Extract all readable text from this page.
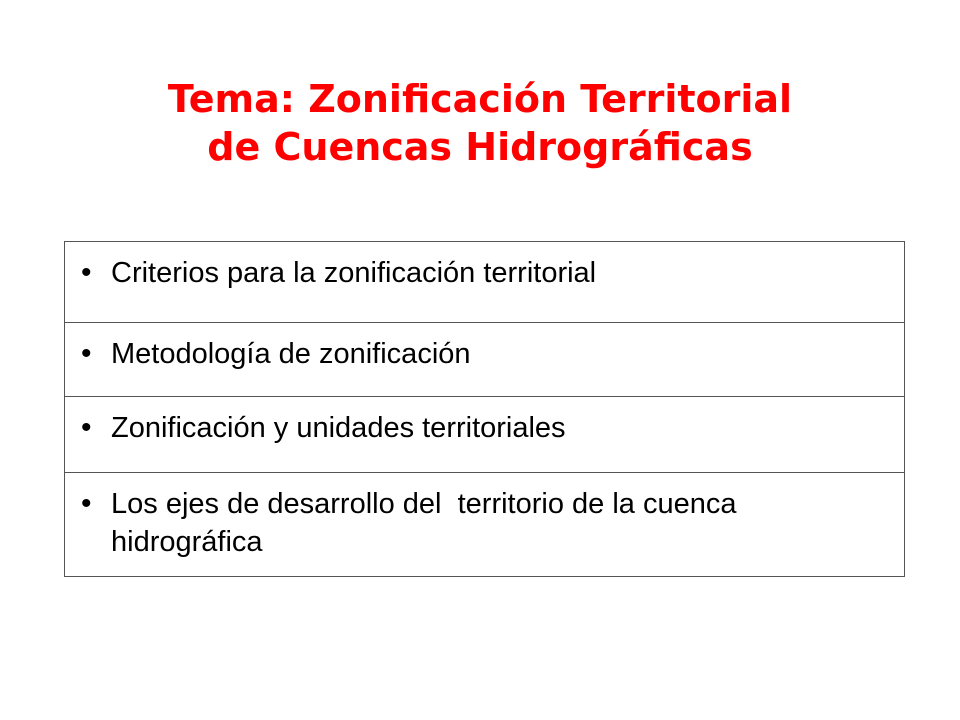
Tema: Zonificación Territorial
de Cuencas Hidrográficas
• Criterios para la zonificación territorial

• Metodología de zonificación

• Zonificación y unidades territoriales

• Los ejes de desarrollo del  territorio de la cuenca hidrográfica
